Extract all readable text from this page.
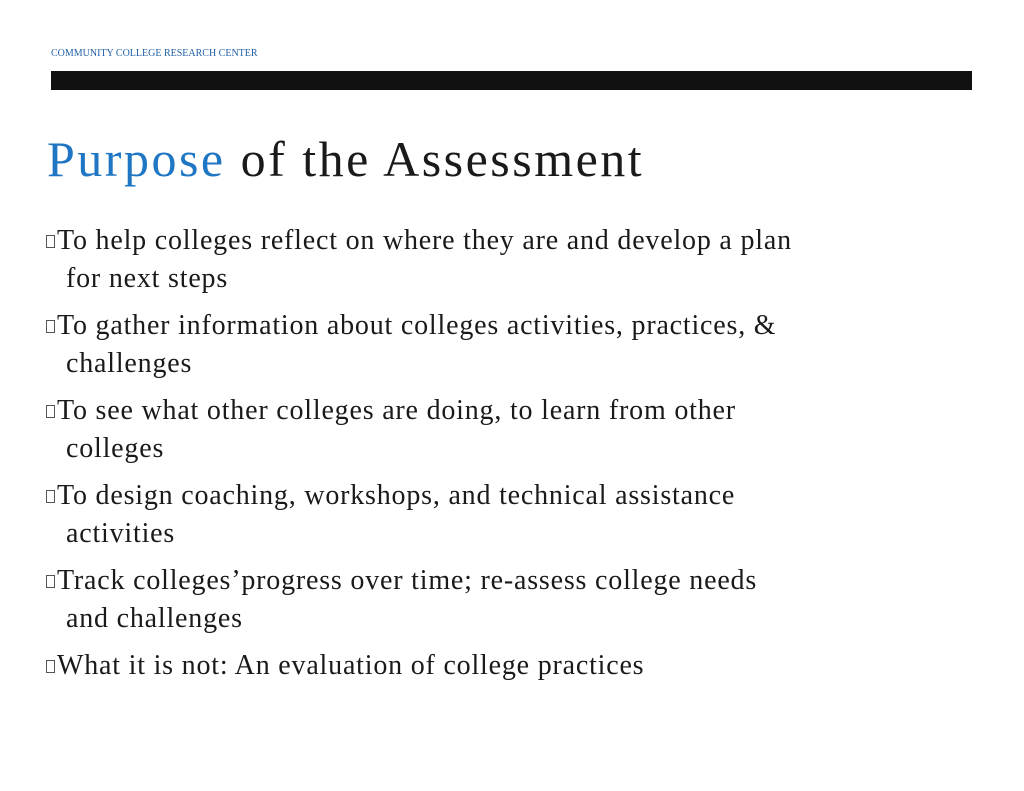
COMMUNITY COLLEGE RESEARCH CENTER
Purpose of the Assessment
To help colleges reflect on where they are and develop a plan
for next steps
To gather information about colleges activities, practices, &
challenges
To see what other colleges are doing, to learn from other
colleges
To design coaching, workshops, and technical assistance
activities
Track colleges’progress over time; re-assess college needs
and challenges
What it is not: An evaluation of college practices
